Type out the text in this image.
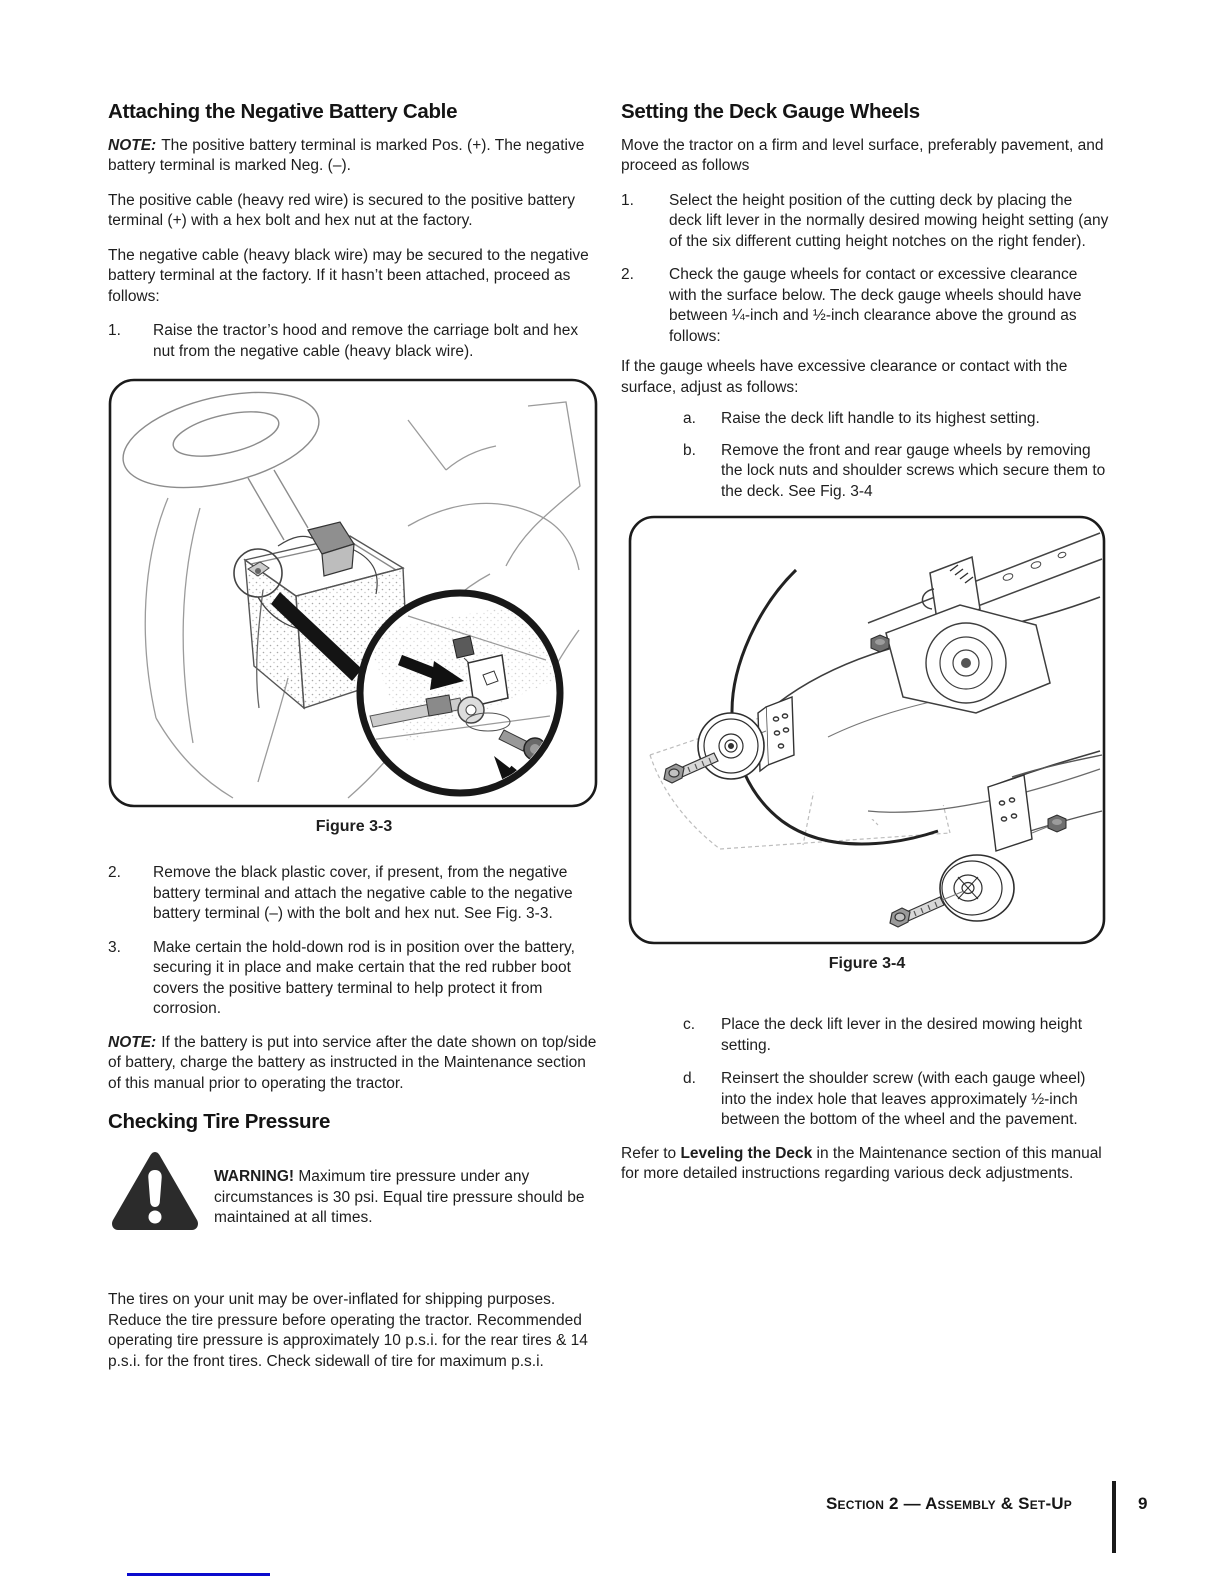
Attaching the Negative Battery Cable

NOTE: The positive battery terminal is marked Pos. (+). The negative battery terminal is marked Neg. (–).

The positive cable (heavy red wire) is secured to the positive battery terminal (+) with a hex bolt and hex nut at the factory.

The negative cable (heavy black wire) may be secured to the negative battery terminal at the factory. If it hasn’t been attached, proceed as follows:

1.	Raise the tractor’s hood and remove the carriage bolt and hex nut from the negative cable (heavy black wire).
Figure 3-3
2.	Remove the black plastic cover, if present, from the negative battery terminal and attach the negative cable to the negative battery terminal (–) with the bolt and hex nut. See Fig. 3-3.
3.	Make certain the hold-down rod is in position over the battery, securing it in place and make certain that the red rubber boot covers the positive battery terminal to help protect it from corrosion.

NOTE: If the battery is put into service after the date shown on top/side of battery, charge the battery as instructed in the Maintenance section of this manual prior to operating the tractor.

Checking Tire Pressure

WARNING! Maximum tire pressure under any circumstances is 30 psi. Equal tire pressure should be maintained at all times.

The tires on your unit may be over-inflated for shipping purposes. Reduce the tire pressure before operating the tractor. Recommended operating tire pressure is approximately 10 p.s.i. for the rear tires & 14 p.s.i. for the front tires. Check sidewall of tire for maximum p.s.i.

Setting the Deck Gauge Wheels

Move the tractor on a firm and level surface, preferably pavement, and proceed as follows

1.	Select the height position of the cutting deck by placing the deck lift lever in the normally desired mowing height setting (any of the six different cutting height notches on the right fender).
2.	Check the gauge wheels for contact or excessive clearance with the surface below. The deck gauge wheels should have between ¼-inch and ½-inch clearance above the ground as follows:

If the gauge wheels have excessive clearance or contact with the surface, adjust as follows:

a.	Raise the deck lift handle to its highest setting.
b.	Remove the front and rear gauge wheels by removing the lock nuts and shoulder screws which secure them to the deck. See Fig. 3-4
Figure 3-4
c.	Place the deck lift lever in the desired mowing height setting.
d.	Reinsert the shoulder screw (with each gauge wheel) into the index hole that leaves approximately ½-inch between the bottom of the wheel and the pavement.

Refer to Leveling the Deck in the Maintenance section of this manual for more detailed instructions regarding various deck adjustments.

Section 2 — Assembly & Set-Up	9
